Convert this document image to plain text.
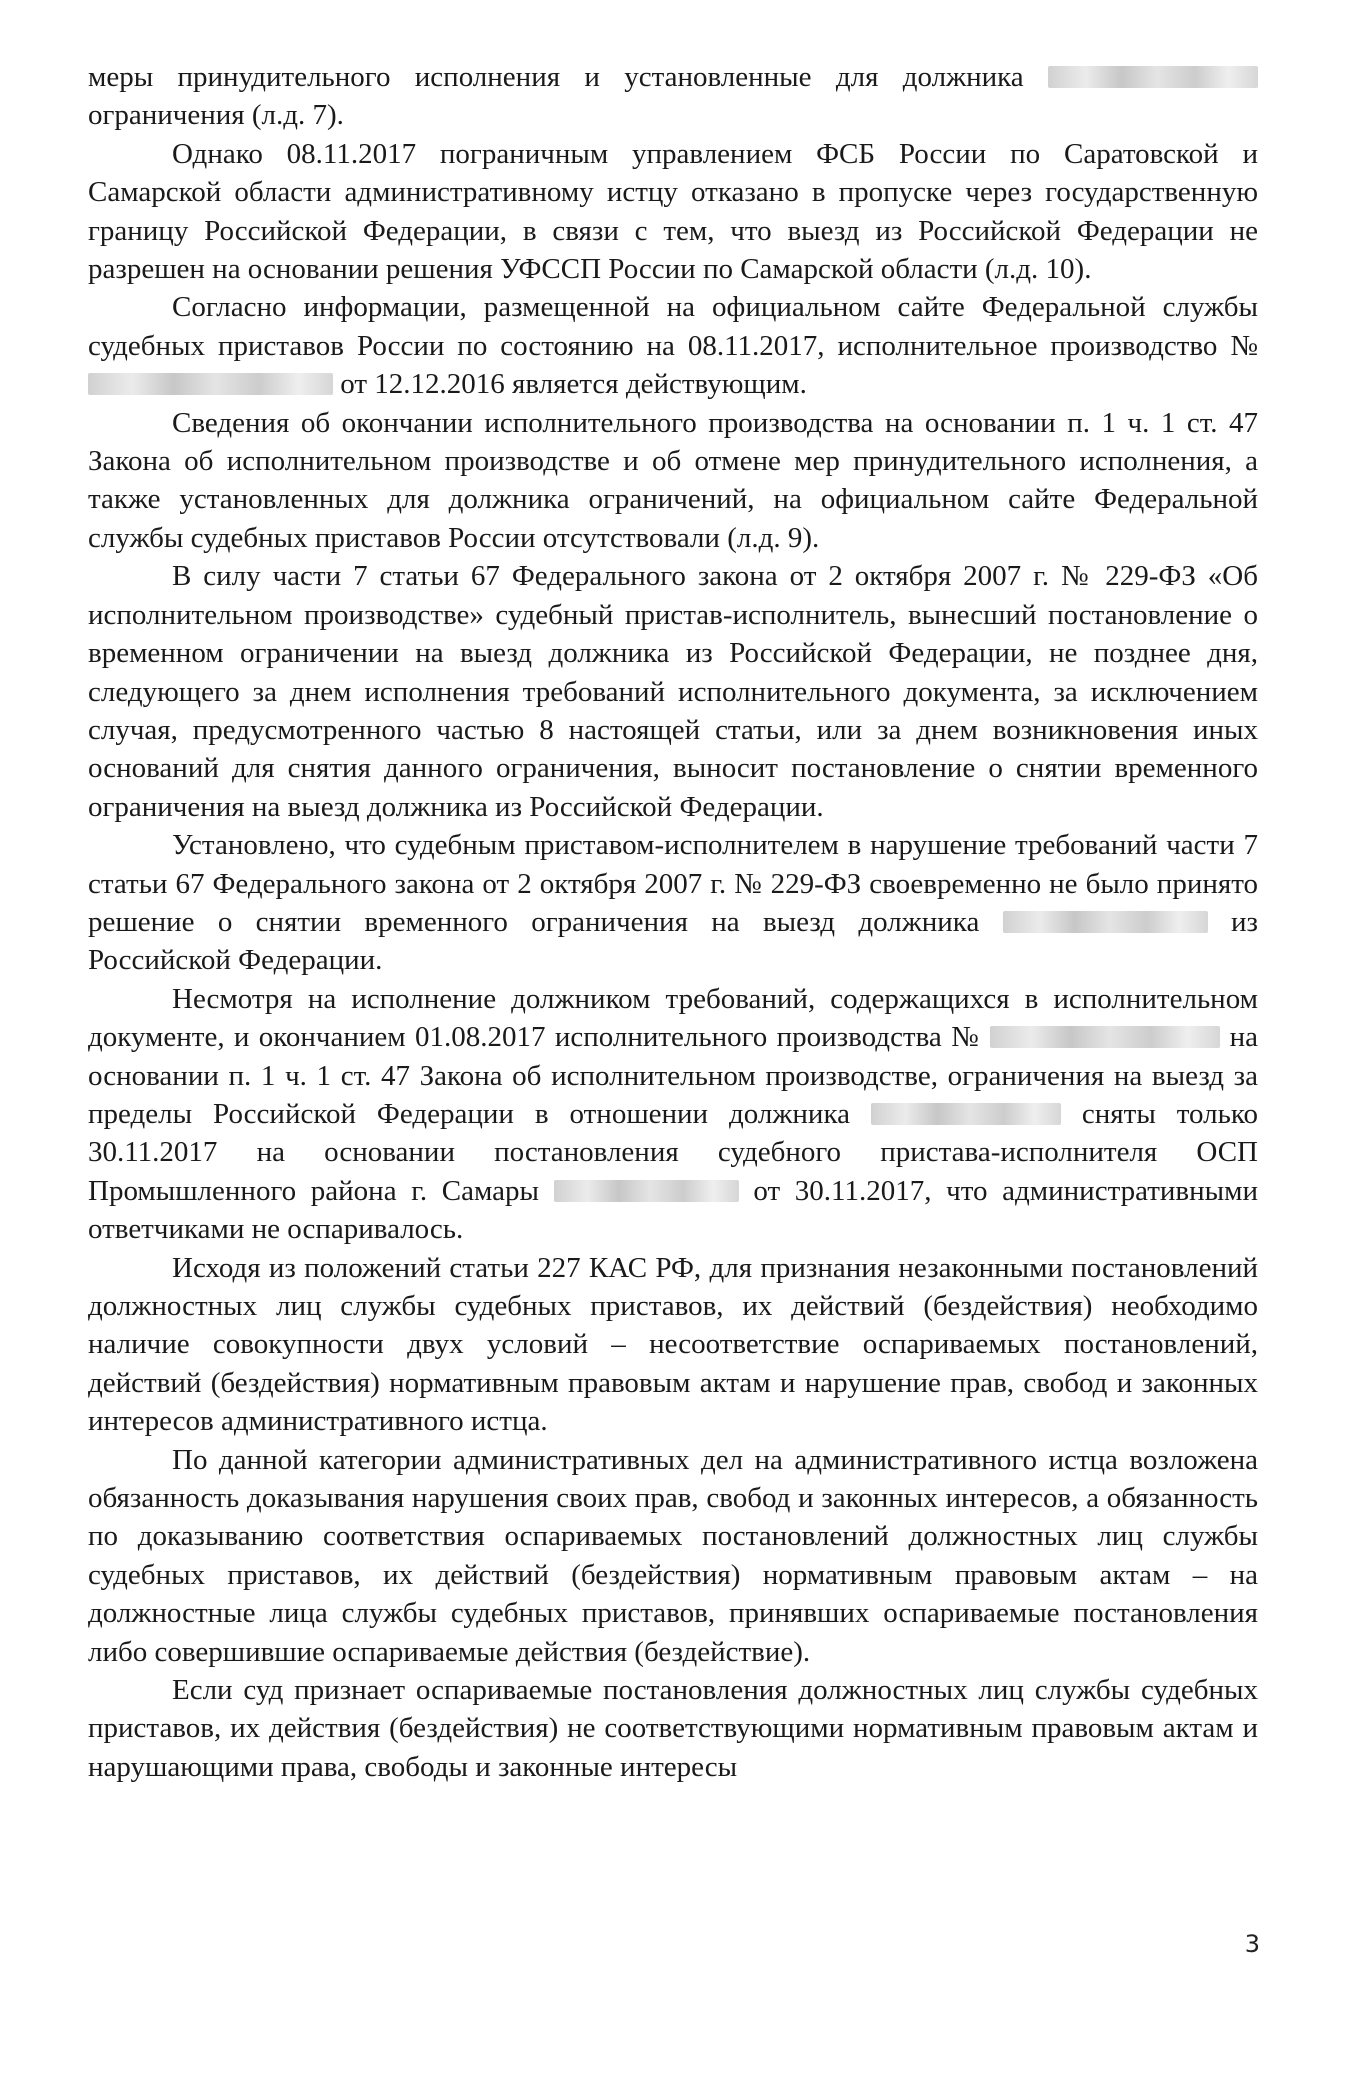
меры принудительного исполнения и установленные для должника  ограничения (л.д. 7).

Однако 08.11.2017 пограничным управлением ФСБ России по Саратовской и Самарской области административному истцу отказано в пропуске через государственную границу Российской Федерации, в связи с тем, что выезд из Российской Федерации не разрешен на основании решения УФССП России по Самарской области (л.д. 10).

Согласно информации, размещенной на официальном сайте Федеральной службы судебных приставов России по состоянию на 08.11.2017, исполнительное производство №  от 12.12.2016 является действующим.

Сведения об окончании исполнительного производства на основании п. 1 ч. 1 ст. 47 Закона об исполнительном производстве и об отмене мер принудительного исполнения, а также установленных для должника ограничений, на официальном сайте Федеральной службы судебных приставов России отсутствовали (л.д. 9).

В силу части 7 статьи 67 Федерального закона от 2 октября 2007 г. № 229-ФЗ «Об исполнительном производстве» судебный пристав-исполнитель, вынесший постановление о временном ограничении на выезд должника из Российской Федерации, не позднее дня, следующего за днем исполнения требований исполнительного документа, за исключением случая, предусмотренного частью 8 настоящей статьи, или за днем возникновения иных оснований для снятия данного ограничения, выносит постановление о снятии временного ограничения на выезд должника из Российской Федерации.

Установлено, что судебным приставом-исполнителем в нарушение требований части 7 статьи 67 Федерального закона от 2 октября 2007 г. № 229-ФЗ своевременно не было принято решение о снятии временного ограничения на выезд должника	из Российской Федерации.

Несмотря на исполнение должником требований, содержащихся в исполнительном документе, и окончанием 01.08.2017 исполнительного производства №	на основании п. 1 ч. 1 ст. 47 Закона об исполнительном производстве, ограничения на выезд за пределы Российской Федерации в отношении должника	сняты только 30.11.2017 на основании постановления судебного пристава-исполнителя ОСП Промышленного района г. Самары	от 30.11.2017, что административными ответчиками не оспаривалось.

Исходя из положений статьи 227 КАС РФ, для признания незаконными постановлений должностных лиц службы судебных приставов, их действий (бездействия) необходимо наличие совокупности двух условий – несоответствие оспариваемых постановлений, действий (бездействия) нормативным правовым актам и нарушение прав, свобод и законных интересов административного истца.

По данной категории административных дел на административного истца возложена обязанность доказывания нарушения своих прав, свобод и законных интересов, а обязанность по доказыванию соответствия оспариваемых постановлений должностных лиц службы судебных приставов, их действий (бездействия) нормативным правовым актам – на должностные лица службы судебных приставов, принявших оспариваемые постановления либо совершившие оспариваемые действия (бездействие).

Если суд признает оспариваемые постановления должностных лиц службы судебных приставов, их действия (бездействия) не соответствующими нормативным правовым актам и нарушающими права, свободы и законные интересы

3
